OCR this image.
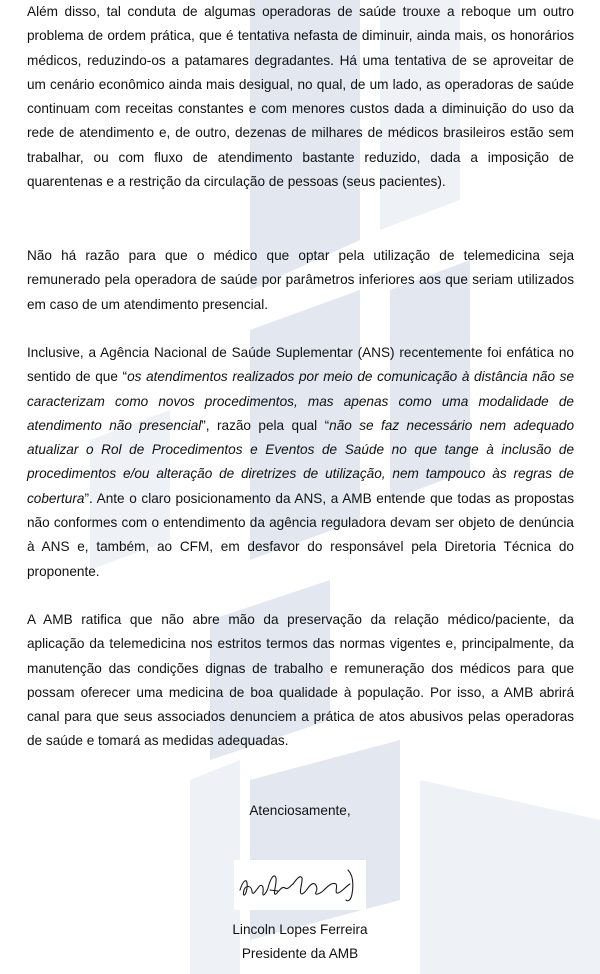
Além disso, tal conduta de algumas operadoras de saúde trouxe a reboque um outro problema de ordem prática, que é tentativa nefasta de diminuir, ainda mais, os honorários médicos, reduzindo-os a patamares degradantes. Há uma tentativa de se aproveitar de um cenário econômico ainda mais desigual, no qual, de um lado, as operadoras de saúde continuam com receitas constantes e com menores custos dada a diminuição do uso da rede de atendimento e, de outro, dezenas de milhares de médicos brasileiros estão sem trabalhar, ou com fluxo de atendimento bastante reduzido, dada a imposição de quarentenas e a restrição da circulação de pessoas (seus pacientes).

Não há razão para que o médico que optar pela utilização de telemedicina seja remunerado pela operadora de saúde por parâmetros inferiores aos que seriam utilizados em caso de um atendimento presencial.

Inclusive, a Agência Nacional de Saúde Suplementar (ANS) recentemente foi enfática no sentido de que “os atendimentos realizados por meio de comunicação à distância não se caracterizam como novos procedimentos, mas apenas como uma modalidade de atendimento não presencial”, razão pela qual “não se faz necessário nem adequado atualizar o Rol de Procedimentos e Eventos de Saúde no que tange à inclusão de procedimentos e/ou alteração de diretrizes de utilização, nem tampouco às regras de cobertura”. Ante o claro posicionamento da ANS, a AMB entende que todas as propostas não conformes com o entendimento da agência reguladora devam ser objeto de denúncia à ANS e, também, ao CFM, em desfavor do responsável pela Diretoria Técnica do proponente.

A AMB ratifica que não abre mão da preservação da relação médico/paciente, da aplicação da telemedicina nos estritos termos das normas vigentes e, principalmente, da manutenção das condições dignas de trabalho e remuneração dos médicos para que possam oferecer uma medicina de boa qualidade à população. Por isso, a AMB abrirá canal para que seus associados denunciem a prática de atos abusivos pelas operadoras de saúde e tomará as medidas adequadas.

Atenciosamente,
Lincoln Lopes Ferreira
Presidente da AMB
